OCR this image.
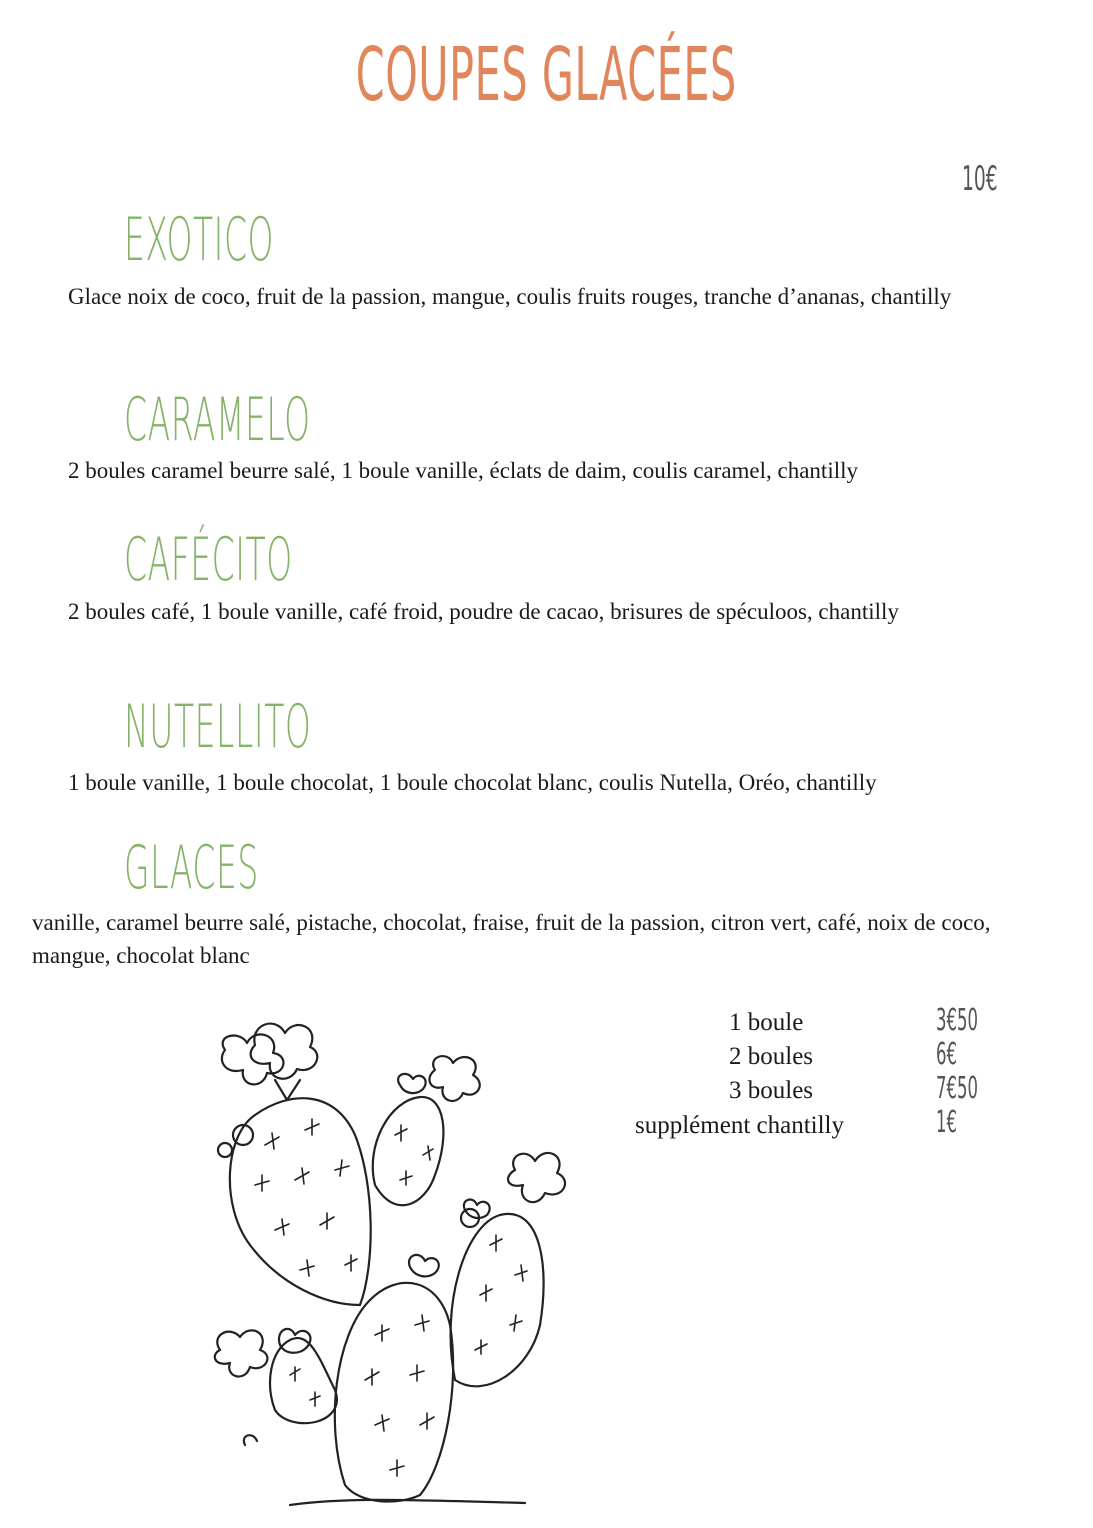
COUPES GLACÉES
10€
EXOTICO
Glace noix de coco, fruit de la passion, mangue, coulis fruits rouges, tranche d’ananas, chantilly
CARAMELO
2 boules caramel beurre salé, 1 boule vanille, éclats de daim, coulis caramel, chantilly
CAFÉCITO
2 boules café, 1 boule vanille, café froid, poudre de cacao, brisures de spéculoos, chantilly
NUTELLITO
1 boule vanille, 1 boule chocolat, 1 boule chocolat blanc, coulis Nutella, Oréo, chantilly
GLACES
vanille, caramel beurre salé, pistache, chocolat, fraise, fruit de la passion, citron vert, café, noix de coco, mangue, chocolat blanc
1 boule	3€50
2 boules	6€
3 boules	7€50
supplément chantilly	1€
